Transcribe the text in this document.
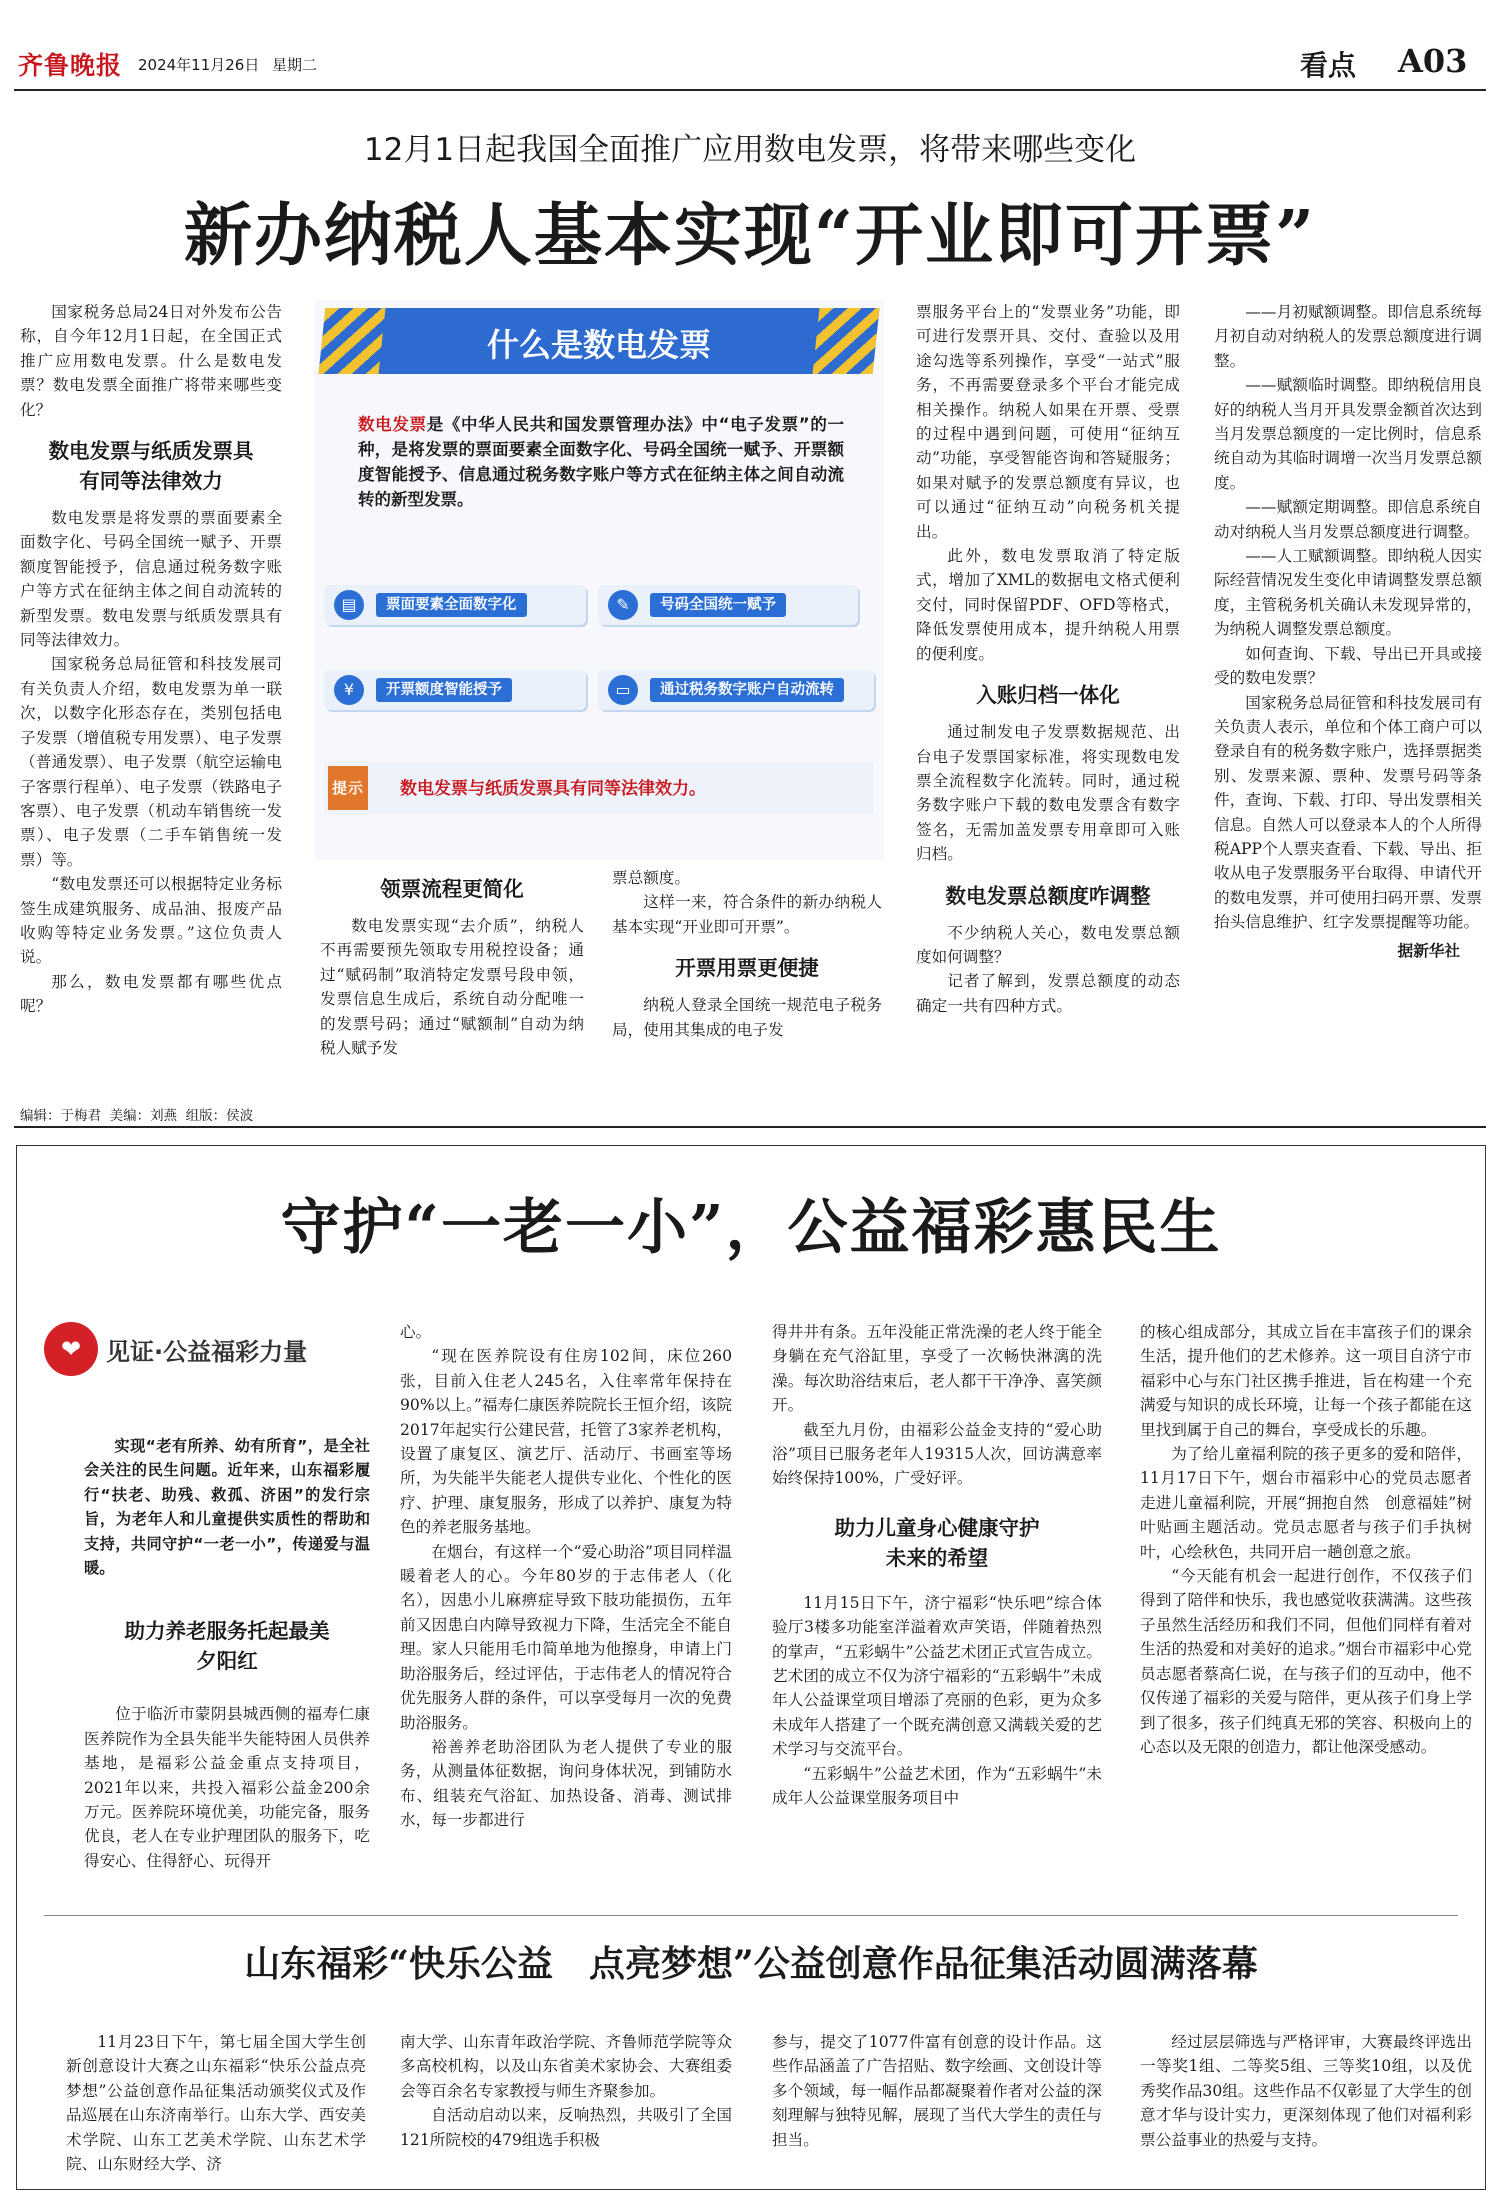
齐鲁晚报 2024年11月26日 星期二	看点 A03
12月1日起我国全面推广应用数电发票，将带来哪些变化
新办纳税人基本实现“开业即可开票”

国家税务总局24日对外发布公告称，自今年12月1日起，在全国正式推广应用数电发票。什么是数电发票？数电发票全面推广将带来哪些变化？

数电发票与纸质发票具有同等法律效力

数电发票是将发票的票面要素全面数字化、号码全国统一赋予、开票额度智能授予，信息通过税务数字账户等方式在征纳主体之间自动流转的新型发票。数电发票与纸质发票具有同等法律效力。

国家税务总局征管和科技发展司有关负责人介绍，数电发票为单一联次，以数字化形态存在，类别包括电子发票（增值税专用发票）、电子发票（普通发票）、电子发票（航空运输电子客票行程单）、电子发票（铁路电子客票）、电子发票（机动车销售统一发票）、电子发票（二手车销售统一发票）等。

“数电发票还可以根据特定业务标签生成建筑服务、成品油、报废产品收购等特定业务发票。”这位负责人说。

那么，数电发票都有哪些优点呢？

什么是数电发票
数电发票是《中华人民共和国发票管理办法》中“电子发票”的一种，是将发票的票面要素全面数字化、号码全国统一赋予、开票额度智能授予、信息通过税务数字账户等方式在征纳主体之间自动流转的新型发票。
▤	票面要素全面数字化	✎	号码全国统一赋予
¥	开票额度智能授予	▭	通过税务数字账户自动流转
提示 数电发票与纸质发票具有同等法律效力。
领票流程更简化

数电发票实现“去介质”，纳税人不再需要预先领取专用税控设备；通过“赋码制”取消特定发票号段申领，发票信息生成后，系统自动分配唯一的发票号码；通过“赋额制”自动为纳税人赋予发

票总额度。

这样一来，符合条件的新办纳税人基本实现“开业即可开票”。

开票用票更便捷

纳税人登录全国统一规范电子税务局，使用其集成的电子发

票服务平台上的“发票业务”功能，即可进行发票开具、交付、查验以及用途勾选等系列操作，享受“一站式”服务，不再需要登录多个平台才能完成相关操作。纳税人如果在开票、受票的过程中遇到问题，可使用“征纳互动”功能，享受智能咨询和答疑服务；如果对赋予的发票总额度有异议，也可以通过“征纳互动”向税务机关提出。

此外，数电发票取消了特定版式，增加了XML的数据电文格式便利交付，同时保留PDF、OFD等格式，降低发票使用成本，提升纳税人用票的便利度。

入账归档一体化

通过制发电子发票数据规范、出台电子发票国家标准，将实现数电发票全流程数字化流转。同时，通过税务数字账户下载的数电发票含有数字签名，无需加盖发票专用章即可入账归档。

数电发票总额度咋调整

不少纳税人关心，数电发票总额度如何调整？

记者了解到，发票总额度的动态确定一共有四种方式。

——月初赋额调整。即信息系统每月初自动对纳税人的发票总额度进行调整。

——赋额临时调整。即纳税信用良好的纳税人当月开具发票金额首次达到当月发票总额度的一定比例时，信息系统自动为其临时调增一次当月发票总额度。

——赋额定期调整。即信息系统自动对纳税人当月发票总额度进行调整。

——人工赋额调整。即纳税人因实际经营情况发生变化申请调整发票总额度，主管税务机关确认未发现异常的，为纳税人调整发票总额度。

如何查询、下载、导出已开具或接受的数电发票？

国家税务总局征管和科技发展司有关负责人表示，单位和个体工商户可以登录自有的税务数字账户，选择票据类别、发票来源、票种、发票号码等条件，查询、下载、打印、导出发票相关信息。自然人可以登录本人的个人所得税APP个人票夹查看、下载、导出、拒收从电子发票服务平台取得、申请代开的数电发票，并可使用扫码开票、发票抬头信息维护、红字发票提醒等功能。

据新华社
编辑：于梅君  美编：刘燕  组版：侯波
守护“一老一小”，公益福彩惠民生
❤	见证·公益福彩力量

实现“老有所养、幼有所育”，是全社会关注的民生问题。近年来，山东福彩履行“扶老、助残、救孤、济困”的发行宗旨，为老年人和儿童提供实质性的帮助和支持，共同守护“一老一小”，传递爱与温暖。

助力养老服务托起最美夕阳红

位于临沂市蒙阴县城西侧的福寿仁康医养院作为全县失能半失能特困人员供养基地，是福彩公益金重点支持项目，2021年以来，共投入福彩公益金200余万元。医养院环境优美，功能完备，服务优良，老人在专业护理团队的服务下，吃得安心、住得舒心、玩得开

心。

“现在医养院设有住房102间，床位260张，目前入住老人245名，入住率常年保持在90%以上。”福寿仁康医养院院长王恒介绍，该院2017年起实行公建民营，托管了3家养老机构，设置了康复区、演艺厅、活动厅、书画室等场所，为失能半失能老人提供专业化、个性化的医疗、护理、康复服务，形成了以养护、康复为特色的养老服务基地。

在烟台，有这样一个“爱心助浴”项目同样温暖着老人的心。今年80岁的于志伟老人（化名），因患小儿麻痹症导致下肢功能损伤，五年前又因患白内障导致视力下降，生活完全不能自理。家人只能用毛巾简单地为他擦身，申请上门助浴服务后，经过评估，于志伟老人的情况符合优先服务人群的条件，可以享受每月一次的免费助浴服务。

裕善养老助浴团队为老人提供了专业的服务，从测量体征数据，询问身体状况，到铺防水布、组装充气浴缸、加热设备、消毒、测试排水，每一步都进行

得井井有条。五年没能正常洗澡的老人终于能全身躺在充气浴缸里，享受了一次畅快淋漓的洗澡。每次助浴结束后，老人都干干净净、喜笑颜开。

截至九月份，由福彩公益金支持的“爱心助浴”项目已服务老年人19315人次，回访满意率始终保持100%，广受好评。

助力儿童身心健康守护未来的希望

11月15日下午，济宁福彩“快乐吧”综合体验厅3楼多功能室洋溢着欢声笑语，伴随着热烈的掌声，“五彩蜗牛”公益艺术团正式宣告成立。艺术团的成立不仅为济宁福彩的“五彩蜗牛”未成年人公益课堂项目增添了亮丽的色彩，更为众多未成年人搭建了一个既充满创意又满载关爱的艺术学习与交流平台。

“五彩蜗牛”公益艺术团，作为“五彩蜗牛”未成年人公益课堂服务项目中

的核心组成部分，其成立旨在丰富孩子们的课余生活，提升他们的艺术修养。这一项目自济宁市福彩中心与东门社区携手推进，旨在构建一个充满爱与知识的成长环境，让每一个孩子都能在这里找到属于自己的舞台，享受成长的乐趣。

为了给儿童福利院的孩子更多的爱和陪伴，11月17日下午，烟台市福彩中心的党员志愿者走进儿童福利院，开展“拥抱自然　创意福娃”树叶贴画主题活动。党员志愿者与孩子们手执树叶，心绘秋色，共同开启一趟创意之旅。

“今天能有机会一起进行创作，不仅孩子们得到了陪伴和快乐，我也感觉收获满满。这些孩子虽然生活经历和我们不同，但他们同样有着对生活的热爱和对美好的追求。”烟台市福彩中心党员志愿者蔡高仁说，在与孩子们的互动中，他不仅传递了福彩的关爱与陪伴，更从孩子们身上学到了很多，孩子们纯真无邪的笑容、积极向上的心态以及无限的创造力，都让他深受感动。

山东福彩“快乐公益　点亮梦想”公益创意作品征集活动圆满落幕

11月23日下午，第七届全国大学生创新创意设计大赛之山东福彩“快乐公益点亮梦想”公益创意作品征集活动颁奖仪式及作品巡展在山东济南举行。山东大学、西安美术学院、山东工艺美术学院、山东艺术学院、山东财经大学、济

南大学、山东青年政治学院、齐鲁师范学院等众多高校机构，以及山东省美术家协会、大赛组委会等百余名专家教授与师生齐聚参加。

自活动启动以来，反响热烈，共吸引了全国121所院校的479组选手积极

参与，提交了1077件富有创意的设计作品。这些作品涵盖了广告招贴、数字绘画、文创设计等多个领域，每一幅作品都凝聚着作者对公益的深刻理解与独特见解，展现了当代大学生的责任与担当。

经过层层筛选与严格评审，大赛最终评选出一等奖1组、二等奖5组、三等奖10组，以及优秀奖作品30组。这些作品不仅彰显了大学生的创意才华与设计实力，更深刻体现了他们对福利彩票公益事业的热爱与支持。
